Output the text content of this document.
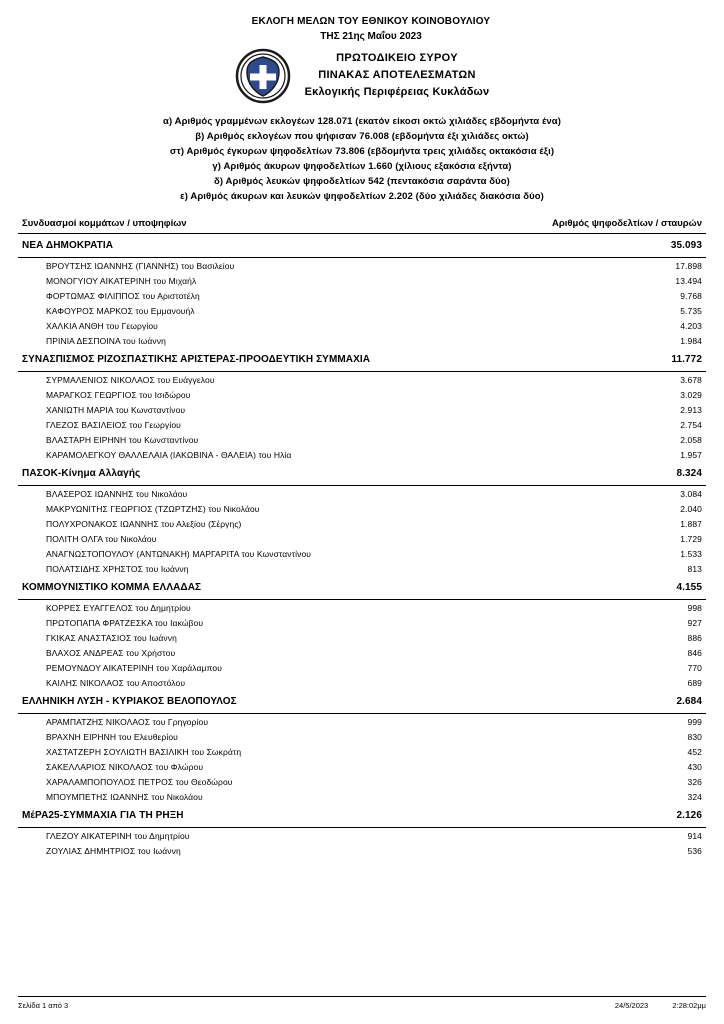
ΕΚΛΟΓΗ ΜΕΛΩΝ ΤΟΥ ΕΘΝΙΚΟΥ ΚΟΙΝΟΒΟΥΛΙΟΥ
ΤΗΣ 21ης Μαΐου 2023
ΠΡΩΤΟΔΙΚΕΙΟ ΣΥΡΟΥ
ΠΙΝΑΚΑΣ ΑΠΟΤΕΛΕΣΜΑΤΩΝ
Εκλογικής Περιφέρειας Κυκλάδων
α) Αριθμός γραμμένων εκλογέων 128.071 (εκατόν είκοσι οκτώ χιλιάδες εβδομήντα ένα)
β) Αριθμός εκλογέων που ψήφισαν 76.008 (εβδομήντα έξι χιλιάδες οκτώ)
στ) Αριθμός έγκυρων ψηφοδελτίων 73.806 (εβδομήντα τρεις χιλιάδες οκτακόσια έξι)
γ) Αριθμός άκυρων ψηφοδελτίων 1.660 (χίλιους εξακόσια εξήντα)
δ) Αριθμός λευκών ψηφοδελτίων 542 (πεντακόσια σαράντα δύο)
ε) Αριθμός άκυρων και λευκών ψηφοδελτίων 2.202 (δύο χιλιάδες διακόσια δύο)
Συνδυασμοί κομμάτων / υποψηφίων	Αριθμός ψηφοδελτίων / σταυρών
ΝΕΑ ΔΗΜΟΚΡΑΤΙΑ	35.093
ΒΡΟΥΤΣΗΣ ΙΩΑΝΝΗΣ (ΓΙΑΝΝΗΣ) του Βασιλείου	17.898
ΜΟΝΟΓΥΙΟΥ ΑΙΚΑΤΕΡΙΝΗ του Μιχαήλ	13.494
ΦΟΡΤΩΜΑΣ ΦΙΛΙΠΠΟΣ του Αριστοτέλη	9.768
ΚΑΦΟΥΡΟΣ ΜΑΡΚΟΣ του Εμμανουήλ	5.735
ΧΑΛΚΙΑ ΑΝΘΗ του Γεωργίου	4.203
ΠΡΙΝΙΑ ΔΕΣΠΟΙΝΑ του Ιωάννη	1.984
ΣΥΝΑΣΠΙΣΜΟΣ ΡΙΖΟΣΠΑΣΤΙΚΗΣ ΑΡΙΣΤΕΡΑΣ-ΠΡΟΟΔΕΥΤΙΚΗ ΣΥΜΜΑΧΙΑ	11.772
ΣΥΡΜΑΛΕΝΙΟΣ ΝΙΚΟΛΑΟΣ του Ευάγγελου	3.678
ΜΑΡΑΓΚΟΣ ΓΕΩΡΓΙΟΣ του Ισιδώρου	3.029
ΧΑΝΙΩΤΗ ΜΑΡΙΑ του Κωνσταντίνου	2.913
ΓΛΕΖΟΣ ΒΑΣΙΛΕΙΟΣ του Γεωργίου	2.754
ΒΛΑΣΤΑΡΗ ΕΙΡΗΝΗ του Κωνσταντίνου	2.058
ΚΑΡΑΜΟΛΕΓΚΟΥ ΘΑΛΛΕΛΑΙΑ (ΙΑΚΩΒΙΝΑ - ΘΑΛΕΙΑ) του Ηλία	1.957
ΠΑΣΟΚ-Κίνημα Αλλαγής	8.324
ΒΛΑΣΕΡΟΣ ΙΩΑΝΝΗΣ του Νικολάου	3.084
ΜΑΚΡΥΩΝΙΤΗΣ ΓΕΩΡΓΙΟΣ (ΤΖΩΡΤΖΗΣ) του Νικολάου	2.040
ΠΟΛΥΧΡΟΝΑΚΟΣ ΙΩΑΝΝΗΣ του Αλεξίου (Σέργης)	1.887
ΠΟΛΙΤΗ ΟΛΓΑ του Νικολάου	1.729
ΑΝΑΓΝΩΣΤΟΠΟΥΛΟΥ (ΑΝΤΩΝΑΚΗ) ΜΑΡΓΑΡΙΤΑ του Κωνσταντίνου	1.533
ΠΟΛΑΤΣΙΔΗΣ ΧΡΗΣΤΟΣ του Ιωάννη	813
ΚΟΜΜΟΥΝΙΣΤΙΚΟ ΚΟΜΜΑ ΕΛΛΑΔΑΣ	4.155
ΚΟΡΡΕΣ ΕΥΑΓΓΕΛΟΣ του Δημητρίου	998
ΠΡΩΤΟΠΑΠΑ ΦΡΑΤΖΕΣΚΑ του Ιακώβου	927
ΓΚΙΚΑΣ ΑΝΑΣΤΑΣΙΟΣ του Ιωάννη	886
ΒΛΑΧΟΣ ΑΝΔΡΕΑΣ του Χρήστου	846
ΡΕΜΟΥΝΔΟΥ ΑΙΚΑΤΕΡΙΝΗ του Χαράλαμπου	770
ΚΑΙΛΗΣ ΝΙΚΟΛΑΟΣ του Αποστόλου	689
ΕΛΛΗΝΙΚΗ ΛΥΣΗ - ΚΥΡΙΑΚΟΣ ΒΕΛΟΠΟΥΛΟΣ	2.684
ΑΡΑΜΠΑΤΖΗΣ ΝΙΚΟΛΑΟΣ του Γρηγορίου	999
ΒΡΑΧΝΗ ΕΙΡΗΝΗ του Ελευθερίου	830
ΧΑΣΤΑΤΖΕΡΗ ΣΟΥΛΙΩΤΗ ΒΑΣΙΛΙΚΗ του Σωκράτη	452
ΣΑΚΕΛΛΑΡΙΟΣ ΝΙΚΟΛΑΟΣ του Φλώρου	430
ΧΑΡΑΛΑΜΠΟΠΟΥΛΟΣ ΠΕΤΡΟΣ του Θεοδώρου	326
ΜΠΟΥΜΠΕΤΗΣ ΙΩΑΝΝΗΣ του Νικολάου	324
ΜέΡΑ25-ΣΥΜΜΑΧΙΑ ΓΙΑ ΤΗ ΡΗΞΗ	2.126
ΓΛΕΖΟΥ ΑΙΚΑΤΕΡΙΝΗ του Δημητρίου	914
ΖΟΥΛΙΑΣ ΔΗΜΗΤΡΙΟΣ του Ιωάννη	536
Σελίδα 1 από 3	24/5/2023	2:28:02μμ
